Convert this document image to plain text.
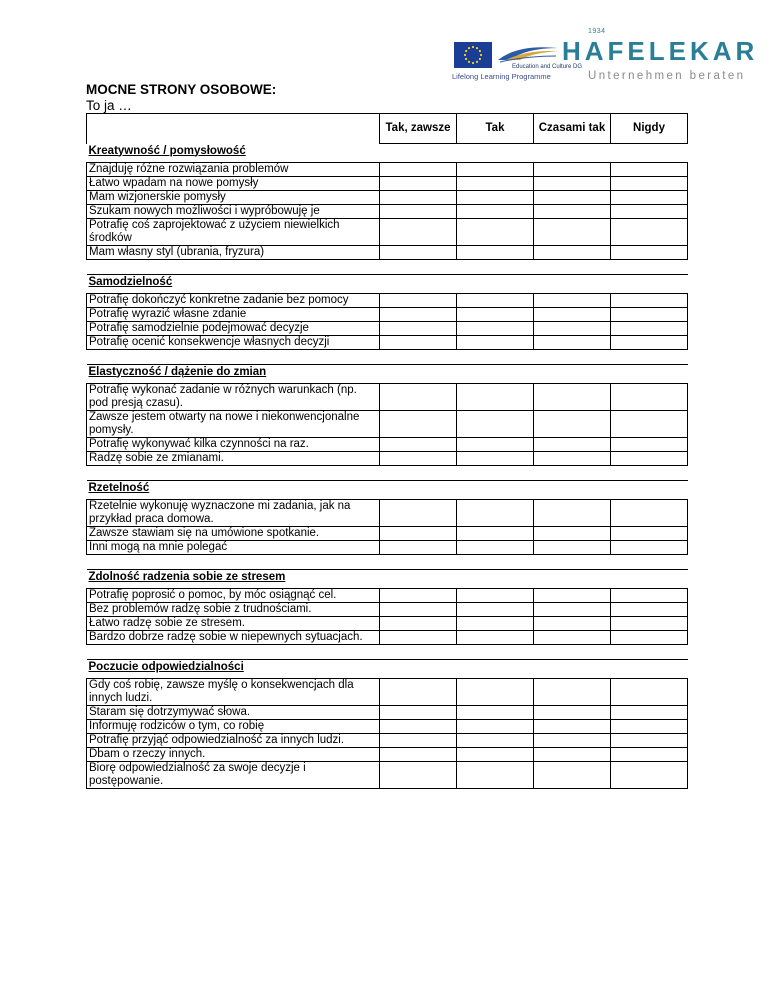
Education and Culture DG
Lifelong Learning Programme
1934
HAFELEKAR
Unternehmen beraten
MOCNE STRONY OSOBOWE:
To ja …
	Tak, zawsze	Tak	Czasami tak	Nigdy
Kreatywność / pomysłowość				
Znajduję różne rozwiązania problemów				
Łatwo wpadam na nowe pomysły				
Mam wizjonerskie pomysły				
Szukam nowych możliwości i wypróbowuję je				
Potrafię coś zaprojektować z użyciem niewielkich środków				
Mam własny styl (ubrania, fryzura)				

Samodzielność				
Potrafię dokończyć konkretne zadanie bez pomocy				
Potrafię wyrazić własne zdanie				
Potrafię samodzielnie podejmować decyzje				
Potrafię ocenić konsekwencje własnych decyzji				

Elastyczność / dążenie do zmian				
Potrafię wykonać zadanie w różnych warunkach (np. pod presją czasu).				
Zawsze jestem otwarty na nowe i niekonwencjonalne pomysły.				
Potrafię wykonywać kilka czynności na raz.				
Radzę sobie ze zmianami.				

Rzetelność				
Rzetelnie wykonuję wyznaczone mi zadania, jak na przykład praca domowa.				
Zawsze stawiam się na umówione spotkanie.				
Inni mogą na mnie polegać				

Zdolność radzenia sobie ze stresem				
Potrafię poprosić o pomoc, by móc osiągnąć cel.				
Bez problemów radzę sobie z trudnościami.				
Łatwo radzę sobie ze stresem.				
Bardzo dobrze radzę sobie w niepewnych sytuacjach.				

Poczucie odpowiedzialności				
Gdy coś robię, zawsze myślę o konsekwencjach dla innych ludzi.				
Staram się dotrzymywać słowa.				
Informuję rodziców o tym, co robię				
Potrafię przyjąć odpowiedzialność za innych ludzi.				
Dbam o rzeczy innych.				
Biorę odpowiedzialność za swoje decyzje i postępowanie.				
